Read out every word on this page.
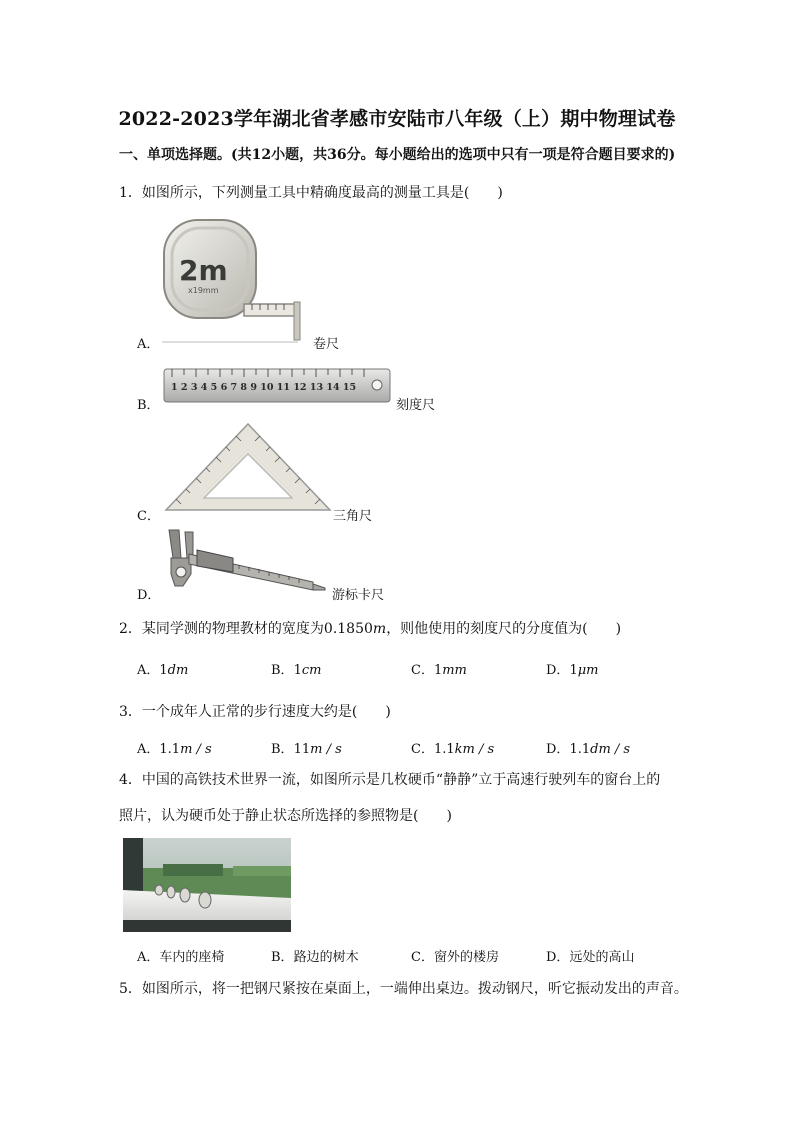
2022-2023学年湖北省孝感市安陆市八年级（上）期中物理试卷
一、单项选择题。(共12小题，共36分。每小题给出的选项中只有一项是符合题目要求的)
1．如图所示，下列测量工具中精确度最高的测量工具是(　　)
2m
x19mm
A．	卷尺
1 2 3 4 5 6 7 8 9 10 11 12 13 14 15
B．	刻度尺
C．	三角尺
D．	游标卡尺
2．某同学测的物理教材的宽度为0.1850m，则他使用的刻度尺的分度值为(　　)
A．1dm	B．1cm	C．1mm	D．1μm
3．一个成年人正常的步行速度大约是(　　)
A．1.1m / s	B．11m / s	C．1.1km / s	D．1.1dm / s
4．中国的高铁技术世界一流，如图所示是几枚硬币“静静”立于高速行驶列车的窗台上的
照片，认为硬币处于静止状态所选择的参照物是(　　)
A．车内的座椅	B．路边的树木	C．窗外的楼房	D．远处的高山
5．如图所示，将一把钢尺紧按在桌面上，一端伸出桌边。拨动钢尺，听它振动发出的声音。
